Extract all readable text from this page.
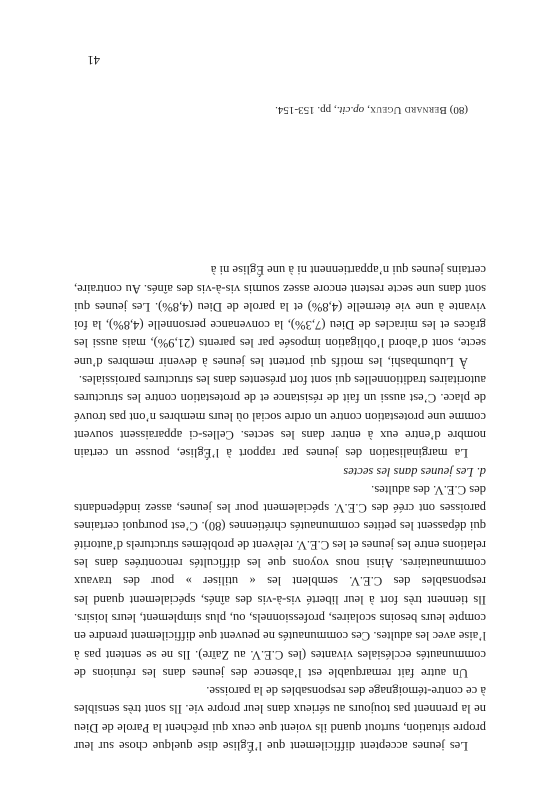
Les jeunes acceptent difficilement que l’Église dise quelque chose sur leur propre situation, surtout quand ils voient que ceux qui prêchent la Parole de Dieu ne la prennent pas toujours au sérieux dans leur propre vie. Ils sont très sensibles à ce contre-témoignage des responsables de la paroisse.

Un autre fait remarquable est l’absence des jeunes dans les réunions de communautés ecclésiales vivantes (les C.E.V. au Zaïre). Ils ne se sentent pas à l’aise avec les adultes. Ces communautés ne peuvent que difficilement prendre en compte leurs besoins scolaires, professionnels, ou, plus simplement, leurs loisirs. Ils tiennent très fort à leur liberté vis-à-vis des aînés, spécialement quand les responsables des C.E.V. semblent les « utiliser » pour des travaux communautaires. Ainsi nous voyons que les difficultés rencontrées dans les relations entre les jeunes et les C.E.V. relèvent de problèmes structurels d’autorité qui dépassent les petites communautés chrétiennes (80). C’est pourquoi certaines paroisses ont créé des C.E.V. spécialement pour les jeunes, assez indépendants des C.E.V. des adultes.

d. Les jeunes dans les sectes

La marginalisation des jeunes par rapport à l’Église, pousse un certain nombre d’entre eux à entrer dans les sectes. Celles-ci apparaissent souvent comme une protestation contre un ordre social où leurs membres n’ont pas trouvé de place. C’est aussi un fait de résistance et de protestation contre les structures autoritaires traditionnelles qui sont fort présentes dans les structures paroissiales.

À Lubumbashi, les motifs qui portent les jeunes à devenir membres d’une secte, sont d’abord l’obligation imposée par les parents (21,9%), mais aussi les grâces et les miracles de Dieu (7,3%), la convenance personnelle (4,8%), la foi vivante à une vie éternelle (4,8%) et la parole de Dieu (4,8%). Les jeunes qui sont dans une secte restent encore assez soumis vis-à-vis des aînés. Au contraire, certains jeunes qui n’appartiennent ni à une Église ni à

(80) Bernard Ugeux, op.cit., pp. 153-154.
41
